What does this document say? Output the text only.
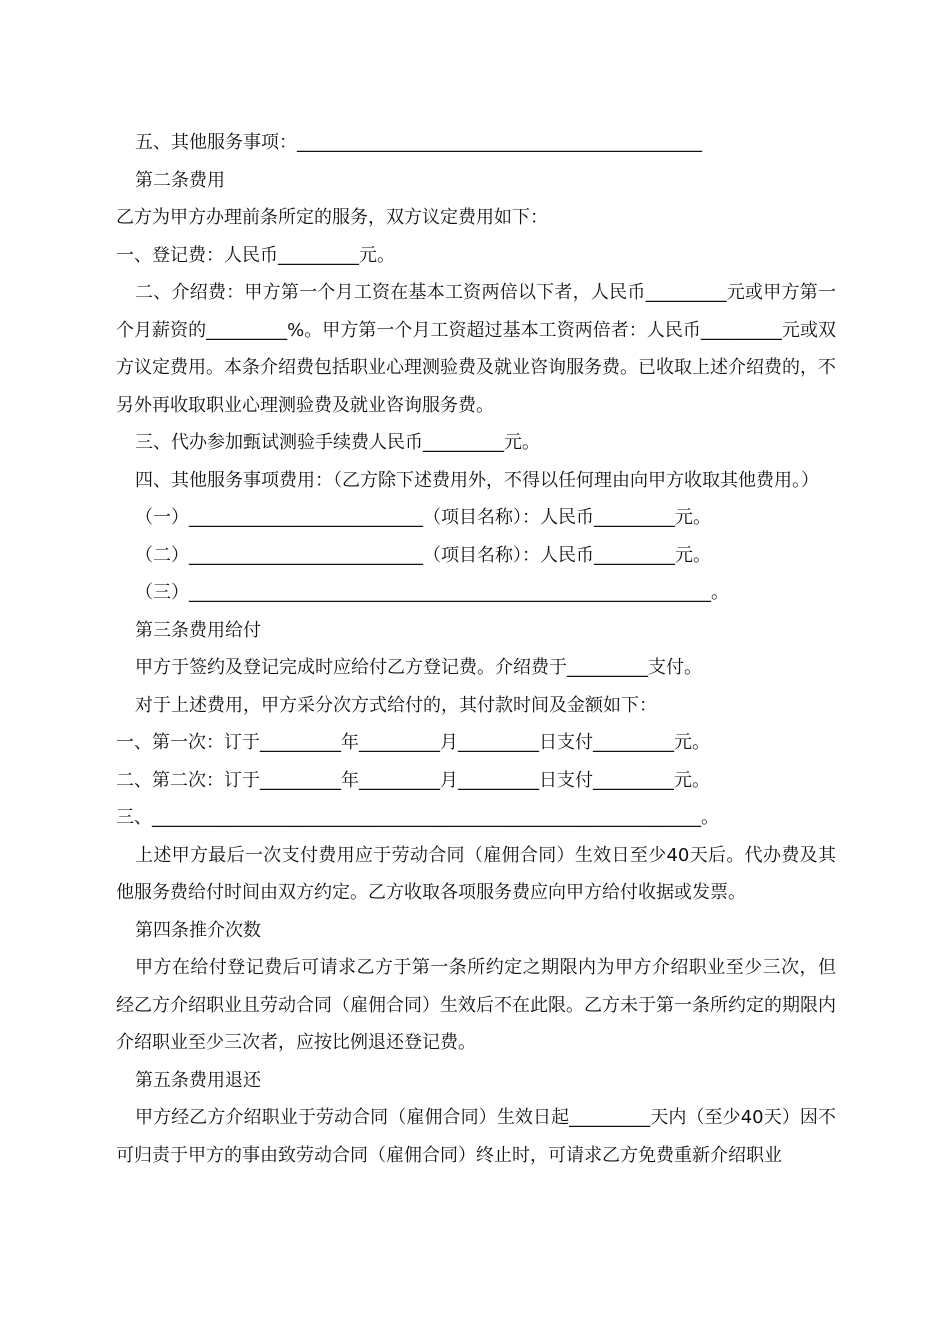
五、其他服务事项：_____________________________________________

第二条费用

乙方为甲方办理前条所定的服务，双方议定费用如下：

一、登记费：人民币_________元。

二、介绍费：甲方第一个月工资在基本工资两倍以下者，人民币_________元或甲方第一个月薪资的_________%。甲方第一个月工资超过基本工资两倍者：人民币_________元或双方议定费用。本条介绍费包括职业心理测验费及就业咨询服务费。已收取上述介绍费的，不另外再收取职业心理测验费及就业咨询服务费。

三、代办参加甄试测验手续费人民币_________元。

四、其他服务事项费用：（乙方除下述费用外，不得以任何理由向甲方收取其他费用。）

（一）__________________________（项目名称）：人民币_________元。

（二）__________________________（项目名称）：人民币_________元。

（三）__________________________________________________________。

第三条费用给付

甲方于签约及登记完成时应给付乙方登记费。介绍费于_________支付。

对于上述费用，甲方采分次方式给付的，其付款时间及金额如下：

一、第一次：订于_________年_________月_________日支付_________元。

二、第二次：订于_________年_________月_________日支付_________元。

三、_____________________________________________________________。

上述甲方最后一次支付费用应于劳动合同（雇佣合同）生效日至少40天后。代办费及其他服务费给付时间由双方约定。乙方收取各项服务费应向甲方给付收据或发票。

第四条推介次数

甲方在给付登记费后可请求乙方于第一条所约定之期限内为甲方介绍职业至少三次，但经乙方介绍职业且劳动合同（雇佣合同）生效后不在此限。乙方未于第一条所约定的期限内介绍职业至少三次者，应按比例退还登记费。

第五条费用退还

甲方经乙方介绍职业于劳动合同（雇佣合同）生效日起_________天内（至少40天）因不可归责于甲方的事由致劳动合同（雇佣合同）终止时，可请求乙方免费重新介绍职业
